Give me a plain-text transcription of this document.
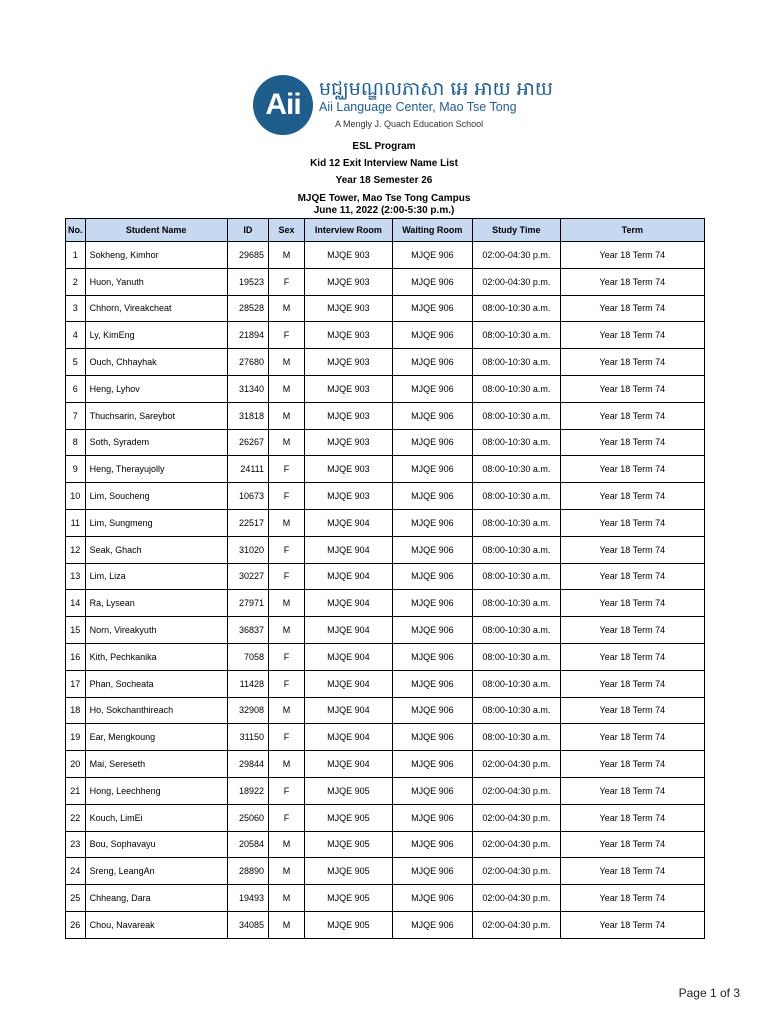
Aii មជ្ឈមណ្ឌលភាសា អេ អាយ អាយ
Aii Language Center, Mao Tse Tong
A Mengly J. Quach Education School
ESL Program
Kid 12 Exit Interview Name List
Year 18 Semester 26
MJQE Tower, Mao Tse Tong Campus
June 11, 2022 (2:00-5:30 p.m.)
No.	Student Name	ID	Sex	Interview Room	Waiting Room	Study Time	Term
1	Sokheng, Kimhor	29685	M	MJQE 903	MJQE 906	02:00-04:30 p.m.	Year 18 Term 74
2	Huon, Yanuth	19523	F	MJQE 903	MJQE 906	02:00-04:30 p.m.	Year 18 Term 74
3	Chhorn, Vireakcheat	28528	M	MJQE 903	MJQE 906	08:00-10:30 a.m.	Year 18 Term 74
4	Ly, KimEng	21894	F	MJQE 903	MJQE 906	08:00-10:30 a.m.	Year 18 Term 74
5	Ouch, Chhayhak	27680	M	MJQE 903	MJQE 906	08:00-10:30 a.m.	Year 18 Term 74
6	Heng, Lyhov	31340	M	MJQE 903	MJQE 906	08:00-10:30 a.m.	Year 18 Term 74
7	Thuchsarin, Sareybot	31818	M	MJQE 903	MJQE 906	08:00-10:30 a.m.	Year 18 Term 74
8	Soth, Syradem	26267	M	MJQE 903	MJQE 906	08:00-10:30 a.m.	Year 18 Term 74
9	Heng, Therayujolly	24111	F	MJQE 903	MJQE 906	08:00-10:30 a.m.	Year 18 Term 74
10	Lim, Soucheng	10673	F	MJQE 903	MJQE 906	08:00-10:30 a.m.	Year 18 Term 74
11	Lim, Sungmeng	22517	M	MJQE 904	MJQE 906	08:00-10:30 a.m.	Year 18 Term 74
12	Seak, Ghach	31020	F	MJQE 904	MJQE 906	08:00-10:30 a.m.	Year 18 Term 74
13	Lim, Liza	30227	F	MJQE 904	MJQE 906	08:00-10:30 a.m.	Year 18 Term 74
14	Ra, Lysean	27971	M	MJQE 904	MJQE 906	08:00-10:30 a.m.	Year 18 Term 74
15	Norn, Vireakyuth	36837	M	MJQE 904	MJQE 906	08:00-10:30 a.m.	Year 18 Term 74
16	Kith, Pechkanika	7058	F	MJQE 904	MJQE 906	08:00-10:30 a.m.	Year 18 Term 74
17	Phan, Socheata	11428	F	MJQE 904	MJQE 906	08:00-10:30 a.m.	Year 18 Term 74
18	Ho, Sokchanthireach	32908	M	MJQE 904	MJQE 906	08:00-10:30 a.m.	Year 18 Term 74
19	Ear, Mengkoung	31150	F	MJQE 904	MJQE 906	08:00-10:30 a.m.	Year 18 Term 74
20	Mai, Sereseth	29844	M	MJQE 904	MJQE 906	02:00-04:30 p.m.	Year 18 Term 74
21	Hong, Leechheng	18922	F	MJQE 905	MJQE 906	02:00-04:30 p.m.	Year 18 Term 74
22	Kouch, LimEi	25060	F	MJQE 905	MJQE 906	02:00-04:30 p.m.	Year 18 Term 74
23	Bou, Sophavayu	20584	M	MJQE 905	MJQE 906	02:00-04:30 p.m.	Year 18 Term 74
24	Sreng, LeangAn	28890	M	MJQE 905	MJQE 906	02:00-04:30 p.m.	Year 18 Term 74
25	Chheang, Dara	19493	M	MJQE 905	MJQE 906	02:00-04:30 p.m.	Year 18 Term 74
26	Chou, Navareak	34085	M	MJQE 905	MJQE 906	02:00-04:30 p.m.	Year 18 Term 74
Page 1 of 3
